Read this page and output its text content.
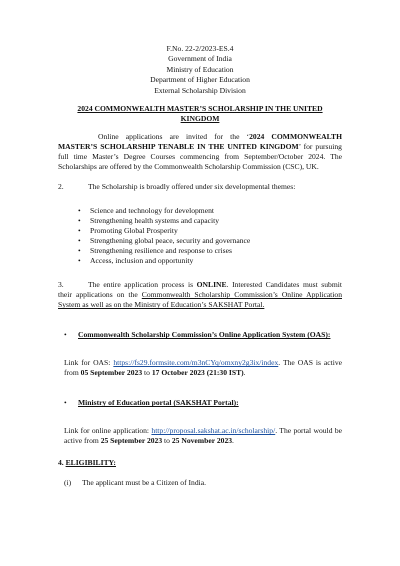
F.No. 22-2/2023-ES.4
Government of India
Ministry of Education
Department of Higher Education
External Scholarship Division
2024 COMMONWEALTH MASTER’S SCHOLARSHIP IN THE UNITED KINGDOM

Online applications are invited for the ‘2024 COMMONWEALTH MASTER’S SCHOLARSHIP TENABLE IN THE UNITED KINGDOM’ for pursuing full time Master’s Degree Courses commencing from September/October 2024. The Scholarships are offered by the Commonwealth Scholarship Commission (CSC), UK.

2.	The Scholarship is broadly offered under six developmental themes:

• Science and technology for development
• Strengthening health systems and capacity
• Promoting Global Prosperity
• Strengthening global peace, security and governance
• Strengthening resilience and response to crises
• Access, inclusion and opportunity

3.	The entire application process is ONLINE. Interested Candidates must submit their applications on the Commonwealth Scholarship Commission’s Online Application System as well as on the Ministry of Education’s SAKSHAT Portal.

• Commonwealth Scholarship Commission’s Online Application System (OAS):

Link for OAS: https://fs29.formsite.com/m3nCYq/omxny2g3ix/index. The OAS is active from 05 September 2023 to 17 October 2023 (21:30 IST).

• Ministry of Education portal (SAKSHAT Portal):

Link for online application: http://proposal.sakshat.ac.in/scholarship/. The portal would be active from 25 September 2023 to 25 November 2023.

4. ELIGIBILITY:
(i) The applicant must be a Citizen of India.
